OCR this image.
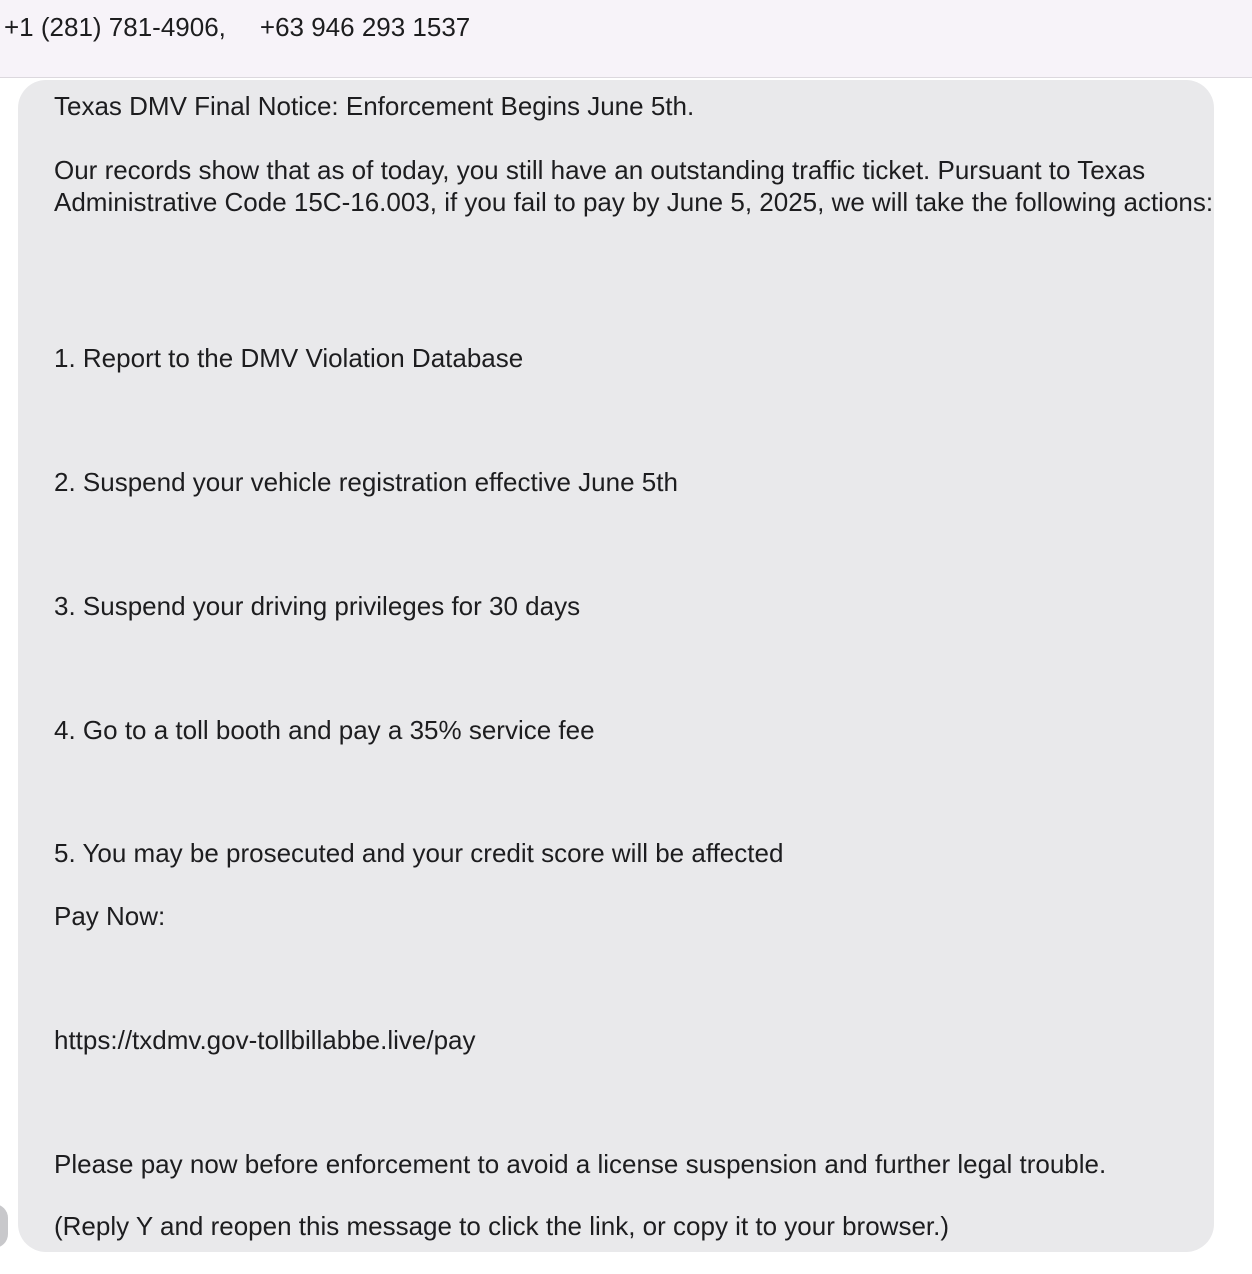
+1 (281) 781-4906, +63 946 293 1537
Texas DMV Final Notice: Enforcement Begins June 5th.
Our records show that as of today, you still have an outstanding traffic ticket. Pursuant to Texas Administrative Code 15C-16.003, if you fail to pay by June 5, 2025, we will take the following actions:
1. Report to the DMV Violation Database
2. Suspend your vehicle registration effective June 5th
3. Suspend your driving privileges for 30 days
4. Go to a toll booth and pay a 35% service fee
5. You may be prosecuted and your credit score will be affected
Pay Now:
https://txdmv.gov-tollbillabbe.live/pay
Please pay now before enforcement to avoid a license suspension and further legal trouble.
(Reply Y and reopen this message to click the link, or copy it to your browser.)
